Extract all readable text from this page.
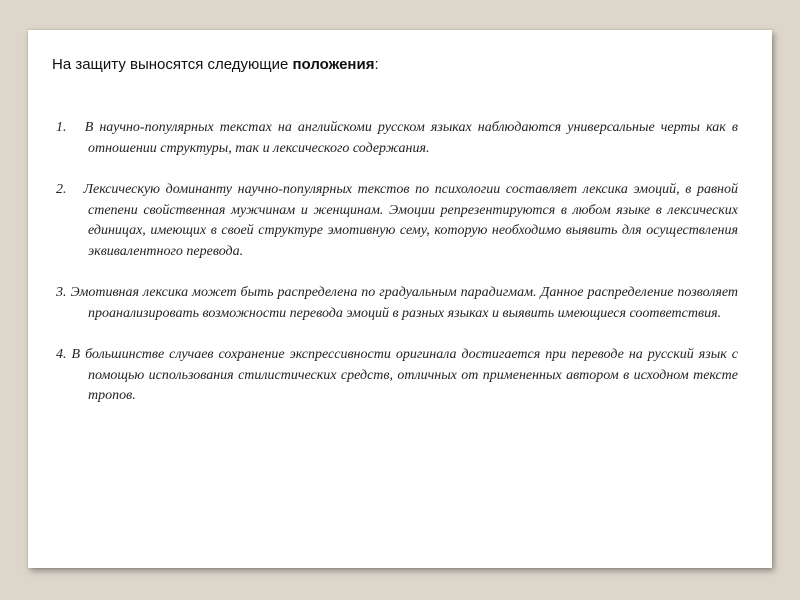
На защиту выносятся следующие положения:
1. В научно-популярных текстах на английскоми русском языках наблюдаются универсальные черты как в отношении структуры, так и лексического содержания.
2. Лексическую доминанту научно-популярных текстов по психологии составляет лексика эмоций, в равной степени свойственная мужчинам и женщинам. Эмоции репрезентируются в любом языке в лексических единицах, имеющих в своей структуре эмотивную сему, которую необходимо выявить для осуществления эквивалентного перевода.
3. Эмотивная лексика может быть распределена по градуальным парадигмам. Данное распределение позволяет проанализировать возможности перевода эмоций в разных языках и выявить имеющиеся соответствия.
4. В большинстве случаев сохранение экспрессивности оригинала достигается при переводе на русский язык с помощью использования стилистических средств, отличных от примененных автором в исходном тексте тропов.
